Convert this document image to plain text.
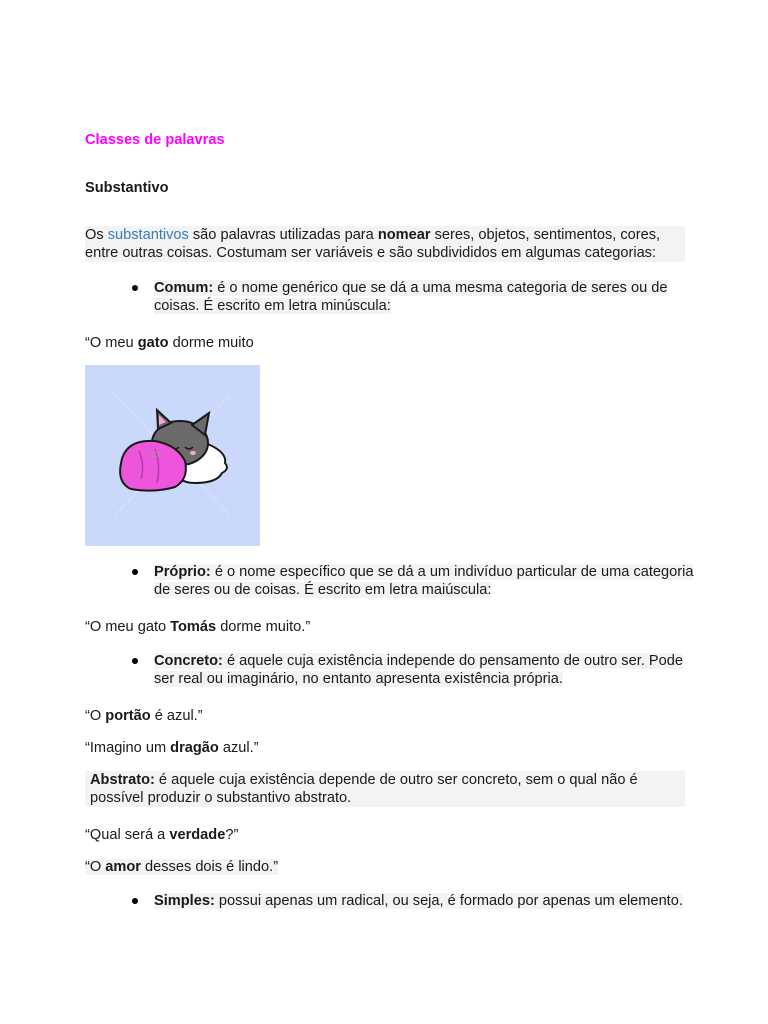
Classes de palavras
Substantivo

Os substantivos são palavras utilizadas para nomear seres, objetos, sentimentos, cores, entre outras coisas. Costumam ser variáveis e são subdivididos em algumas categorias:

Comum: é o nome genérico que se dá a uma mesma categoria de seres ou de coisas. É escrito em letra minúscula:
“O meu gato dorme muito
Lo
Próprio: é o nome específico que se dá a um indivíduo particular de uma categoria de seres ou de coisas. É escrito em letra maiúscula:
“O meu gato Tomás dorme muito.”
Concreto: é aquele cuja existência independe do pensamento de outro ser. Pode ser real ou imaginário, no entanto apresenta existência própria.
“O portão é azul.”
“Imagino um dragão azul.”
Abstrato: é aquele cuja existência depende de outro ser concreto, sem o qual não é possível produzir o substantivo abstrato.
“Qual será a verdade?”
“O amor desses dois é lindo.”
Simples: possui apenas um radical, ou seja, é formado por apenas um elemento.
